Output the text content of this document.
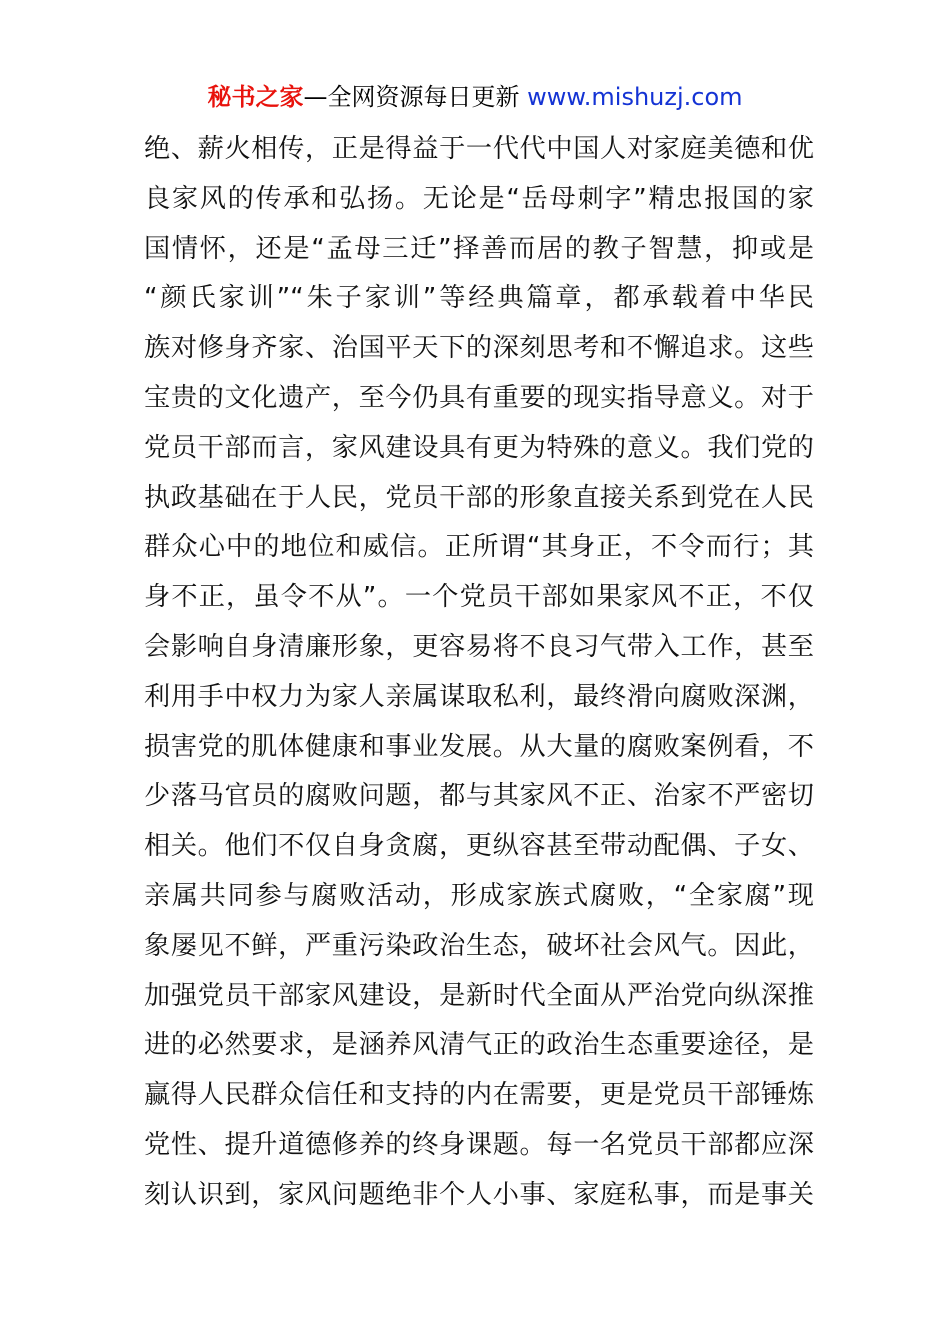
秘书之家—全网资源每日更新 www.mishuzj.com
绝、薪火相传，正是得益于一代代中国人对家庭美德和优
良家风的传承和弘扬。无论是“岳母刺字”精忠报国的家
国情怀，还是“孟母三迁”择善而居的教子智慧，抑或是
“颜氏家训”“朱子家训”等经典篇章，都承载着中华民
族对修身齐家、治国平天下的深刻思考和不懈追求。这些
宝贵的文化遗产，至今仍具有重要的现实指导意义。对于
党员干部而言，家风建设具有更为特殊的意义。我们党的
执政基础在于人民，党员干部的形象直接关系到党在人民
群众心中的地位和威信。正所谓“其身正，不令而行；其
身不正，虽令不从”。一个党员干部如果家风不正，不仅
会影响自身清廉形象，更容易将不良习气带入工作，甚至
利用手中权力为家人亲属谋取私利，最终滑向腐败深渊，
损害党的肌体健康和事业发展。从大量的腐败案例看，不
少落马官员的腐败问题，都与其家风不正、治家不严密切
相关。他们不仅自身贪腐，更纵容甚至带动配偶、子女、
亲属共同参与腐败活动，形成家族式腐败，“全家腐”现
象屡见不鲜，严重污染政治生态，破坏社会风气。因此，
加强党员干部家风建设，是新时代全面从严治党向纵深推
进的必然要求，是涵养风清气正的政治生态重要途径，是
赢得人民群众信任和支持的内在需要，更是党员干部锤炼
党性、提升道德修养的终身课题。每一名党员干部都应深
刻认识到，家风问题绝非个人小事、家庭私事，而是事关
